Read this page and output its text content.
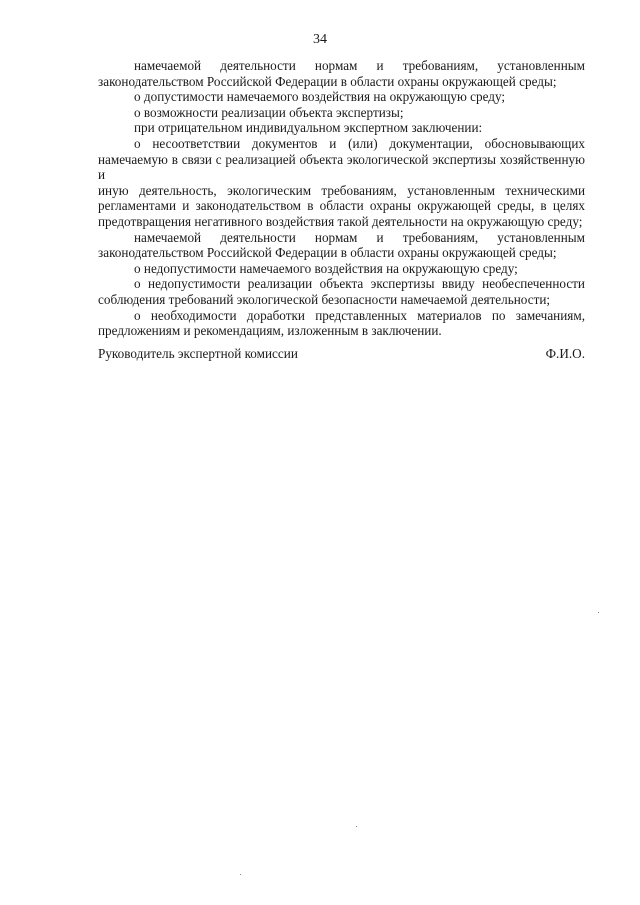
34

намечаемой деятельности нормам и требованиям, установленным

законодательством Российской Федерации в области охраны окружающей среды;

о допустимости намечаемого воздействия на окружающую среду;

о возможности реализации объекта экспертизы;

при отрицательном индивидуальном экспертном заключении:

о несоответствии документов и (или) документации, обосновывающих

намечаемую в связи с реализацией объекта экологической экспертизы хозяйственную и

иную деятельность, экологическим требованиям, установленным техническими

регламентами и законодательством в области охраны окружающей среды, в целях

предотвращения негативного воздействия такой деятельности на окружающую среду;

намечаемой деятельности нормам и требованиям, установленным

законодательством Российской Федерации в области охраны окружающей среды;

о недопустимости намечаемого воздействия на окружающую среду;

о недопустимости реализации объекта экспертизы ввиду необеспеченности

соблюдения требований экологической безопасности намечаемой деятельности;

о необходимости доработки представленных материалов по замечаниям,

предложениям и рекомендациям, изложенным в заключении.

Руководитель экспертной комиссии	Ф.И.О.
